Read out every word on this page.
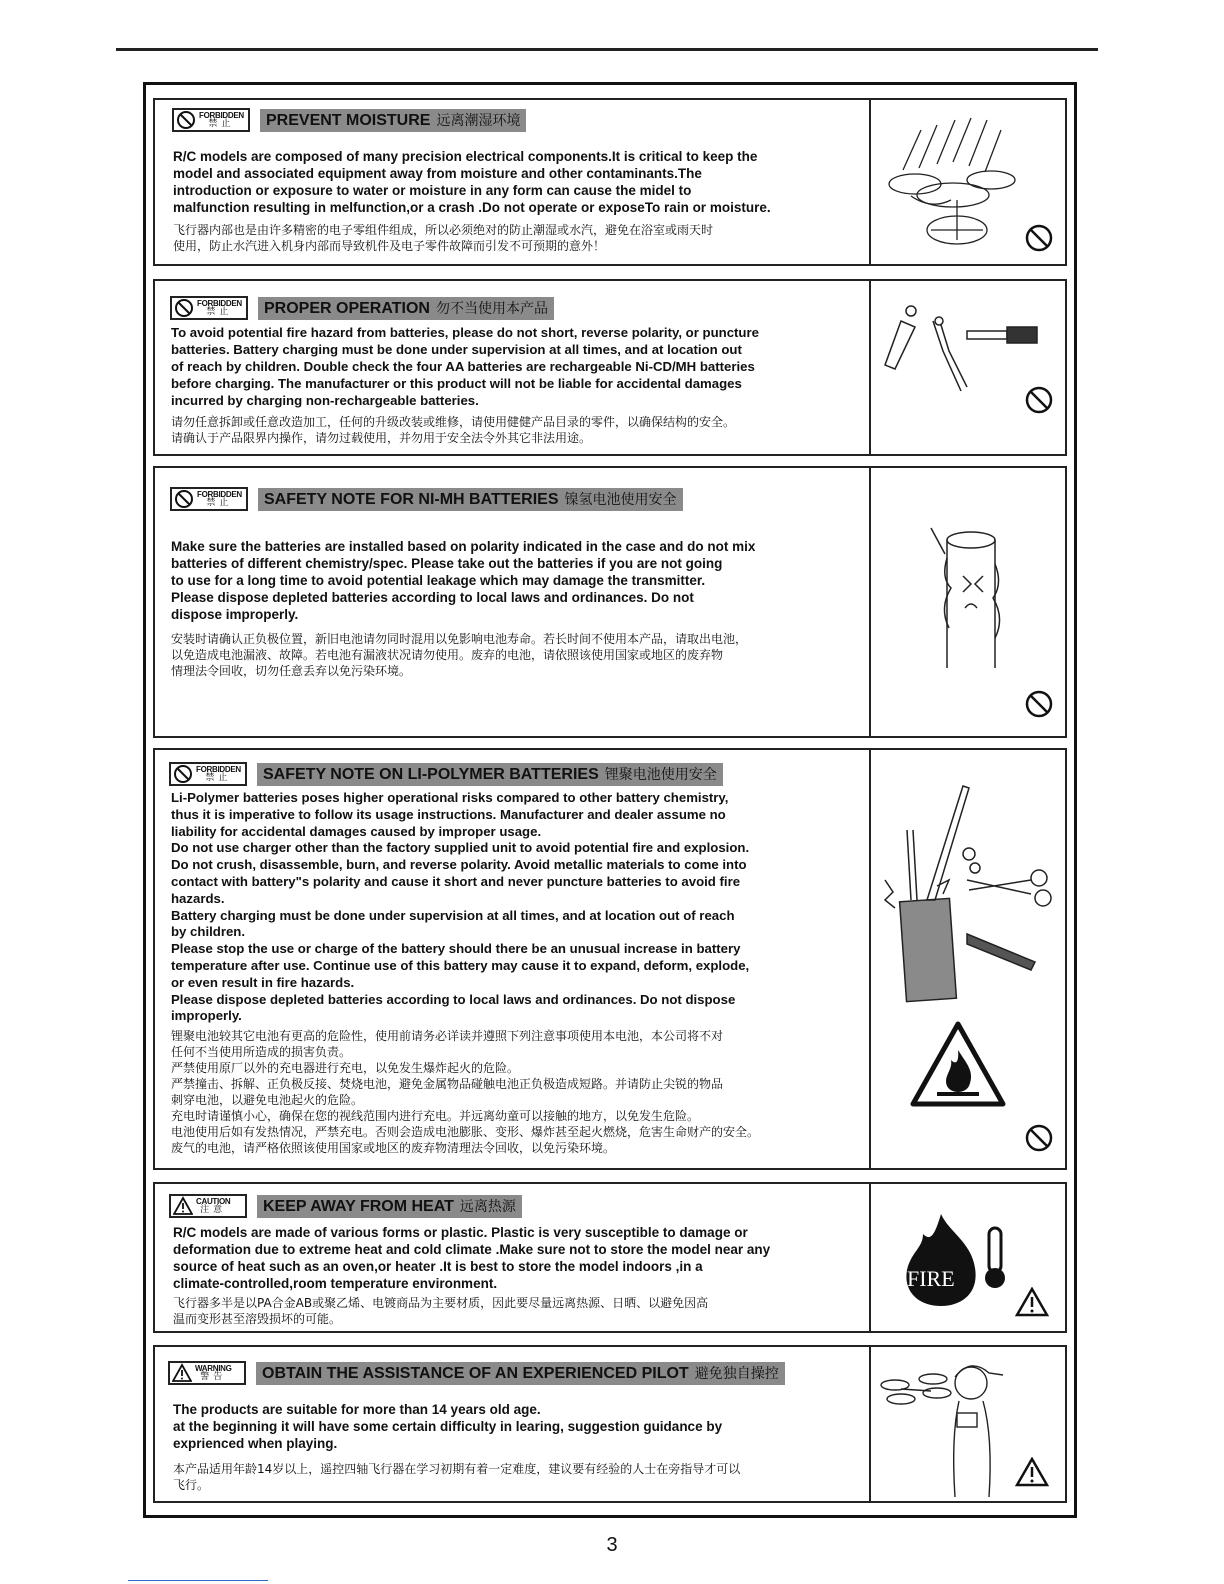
FORBIDDEN
禁止	PREVENT MOISTURE 远离潮湿环境

R/C models are composed of many precision electrical components.It is critical to keep the

model and associated equipment away from moisture and other contaminants.The

introduction or exposure to water or moisture in any form can cause the midel to

malfunction resulting in melfunction,or a crash .Do not operate or exposeTo rain or moisture.

飞行器内部也是由许多精密的电子零组件组成，所以必须绝对的防止潮湿或水汽，避免在浴室或雨天时

使用，防止水汽进入机身内部而导致机件及电子零件故障而引发不可预期的意外！

FORBIDDEN
禁止	PROPER OPERATION 勿不当使用本产品

To avoid potential fire hazard from batteries, please do not short, reverse polarity, or puncture

batteries. Battery charging must be done under supervision at all times, and at location out

of reach by children. Double check the four AA batteries are rechargeable Ni-CD/MH batteries

before charging. The manufacturer or this product will not be liable for accidental damages

incurred by charging non-rechargeable batteries.

请勿任意拆卸或任意改造加工，任何的升级改装或维修，请使用健健产品目录的零件，以确保结构的安全。

请确认于产品限界内操作，请勿过载使用，并勿用于安全法令外其它非法用途。

FORBIDDEN
禁止	SAFETY NOTE FOR NI-MH BATTERIES 镍氢电池使用安全

Make sure the batteries are installed based on polarity indicated in the case and do not mix

batteries of different chemistry/spec. Please take out the batteries if you are not going

to use for a long time to avoid potential leakage which may damage the transmitter.

Please dispose depleted batteries according to local laws and ordinances. Do not

dispose improperly.

安装时请确认正负极位置，新旧电池请勿同时混用以免影响电池寿命。若长时间不使用本产品，请取出电池，

以免造成电池漏液、故障。若电池有漏液状况请勿使用。废弃的电池，请依照该使用国家或地区的废弃物

情理法令回收，切勿任意丢弃以免污染环境。

FORBIDDEN
禁止	SAFETY NOTE ON LI-POLYMER BATTERIES 锂聚电池使用安全

Li-Polymer batteries poses higher operational risks compared to other battery chemistry,

thus it is imperative to follow its usage instructions. Manufacturer and dealer assume no

liability for accidental damages caused by improper usage.

Do not use charger other than the factory supplied unit to avoid potential fire and explosion.

Do not crush, disassemble, burn, and reverse polarity. Avoid metallic materials to come into

contact with battery"s polarity and cause it short and never puncture batteries to avoid fire

hazards.

Battery charging must be done under supervision at all times, and at location out of reach

by children.

Please stop the use or charge of the battery should there be an unusual increase in battery

temperature after use. Continue use of this battery may cause it to expand, deform, explode,

or even result in fire hazards.

Please dispose depleted batteries according to local laws and ordinances. Do not dispose

improperly.

锂聚电池较其它电池有更高的危险性，使用前请务必详读并遵照下列注意事项使用本电池，本公司将不对

任何不当使用所造成的损害负责。

严禁使用原厂以外的充电器进行充电，以免发生爆炸起火的危险。

严禁撞击、拆解、正负极反接、焚烧电池，避免金属物品碰触电池正负极造成短路。并请防止尖锐的物品

刺穿电池，以避免电池起火的危险。

充电时请谨慎小心，确保在您的视线范围内进行充电。并远离幼童可以接触的地方，以免发生危险。

电池使用后如有发热情况，严禁充电。否则会造成电池膨胀、变形、爆炸甚至起火燃烧，危害生命财产的安全。

废气的电池，请严格依照该使用国家或地区的废弃物清理法令回收，以免污染环境。

CAUTION
注意	KEEP AWAY FROM HEAT 远离热源

R/C models are made of various forms or plastic. Plastic is very susceptible to damage or

deformation due to extreme heat and cold climate .Make sure not to store the model near any

source of heat such as an oven,or heater .It is best to store the model indoors ,in a

climate-controlled,room temperature environment.

飞行器多半是以PA合金AB或聚乙烯、电镀商品为主要材质，因此要尽量远离热源、日晒、以避免因高

温而变形甚至溶毁损坏的可能。

FIRE
WARNING
警告	OBTAIN THE ASSISTANCE OF AN EXPERIENCED PILOT 避免独自操控

The products are suitable for more than 14 years old age.

at the beginning it will have some certain difficulty in learing, suggestion guidance by

exprienced when playing.

本产品适用年龄14岁以上，遥控四轴飞行器在学习初期有着一定难度，建议要有经验的人士在旁指导才可以

飞行。

3
